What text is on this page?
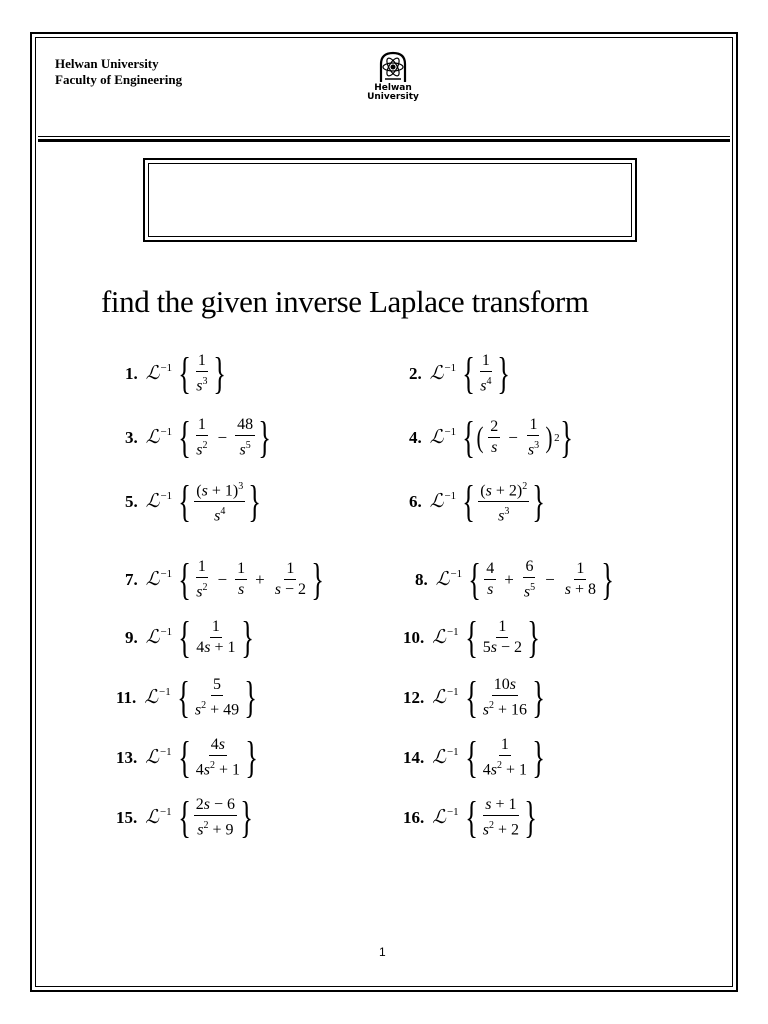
Helwan University
Faculty of Engineering
Helwan
University
find the given inverse Laplace transform
1. ℒ$^{-1}$ { $\frac{1}{s^3}$ }	2. ℒ$^{-1}$ { $\frac{1}{s^4}$ }
3. ℒ$^{-1}$ { $\frac{1}{s^2} - \frac{48}{s^5}$ }	4. ℒ$^{-1}$ { ( $\frac{2}{s} - \frac{1}{s^3}$ ) 2 }
5. ℒ$^{-1}$ { $\frac{(s + 1)^3}{s^4}$ }	6. ℒ$^{-1}$ { $\frac{(s + 2)^2}{s^3}$ }
7. ℒ$^{-1}$ { $\frac{1}{s^2} - \frac{1}{s} + \frac{1}{s - 2}$ }	8. ℒ$^{-1}$ { $\frac{4}{s} + \frac{6}{s^5} - \frac{1}{s + 8}$ }
9. ℒ$^{-1}$ { $\frac{1}{4s + 1}$ }	10. ℒ$^{-1}$ { $\frac{1}{5s - 2}$ }
11. ℒ$^{-1}$ { $\frac{5}{s^2 + 49}$ }	12. ℒ$^{-1}$ { $\frac{10s}{s^2 + 16}$ }
13. ℒ$^{-1}$ { $\frac{4s}{4s^2 + 1}$ }	14. ℒ$^{-1}$ { $\frac{1}{4s^2 + 1}$ }
15. ℒ$^{-1}$ { $\frac{2s - 6}{s^2 + 9}$ }	16. ℒ$^{-1}$ { $\frac{s + 1}{s^2 + 2}$ }
1
